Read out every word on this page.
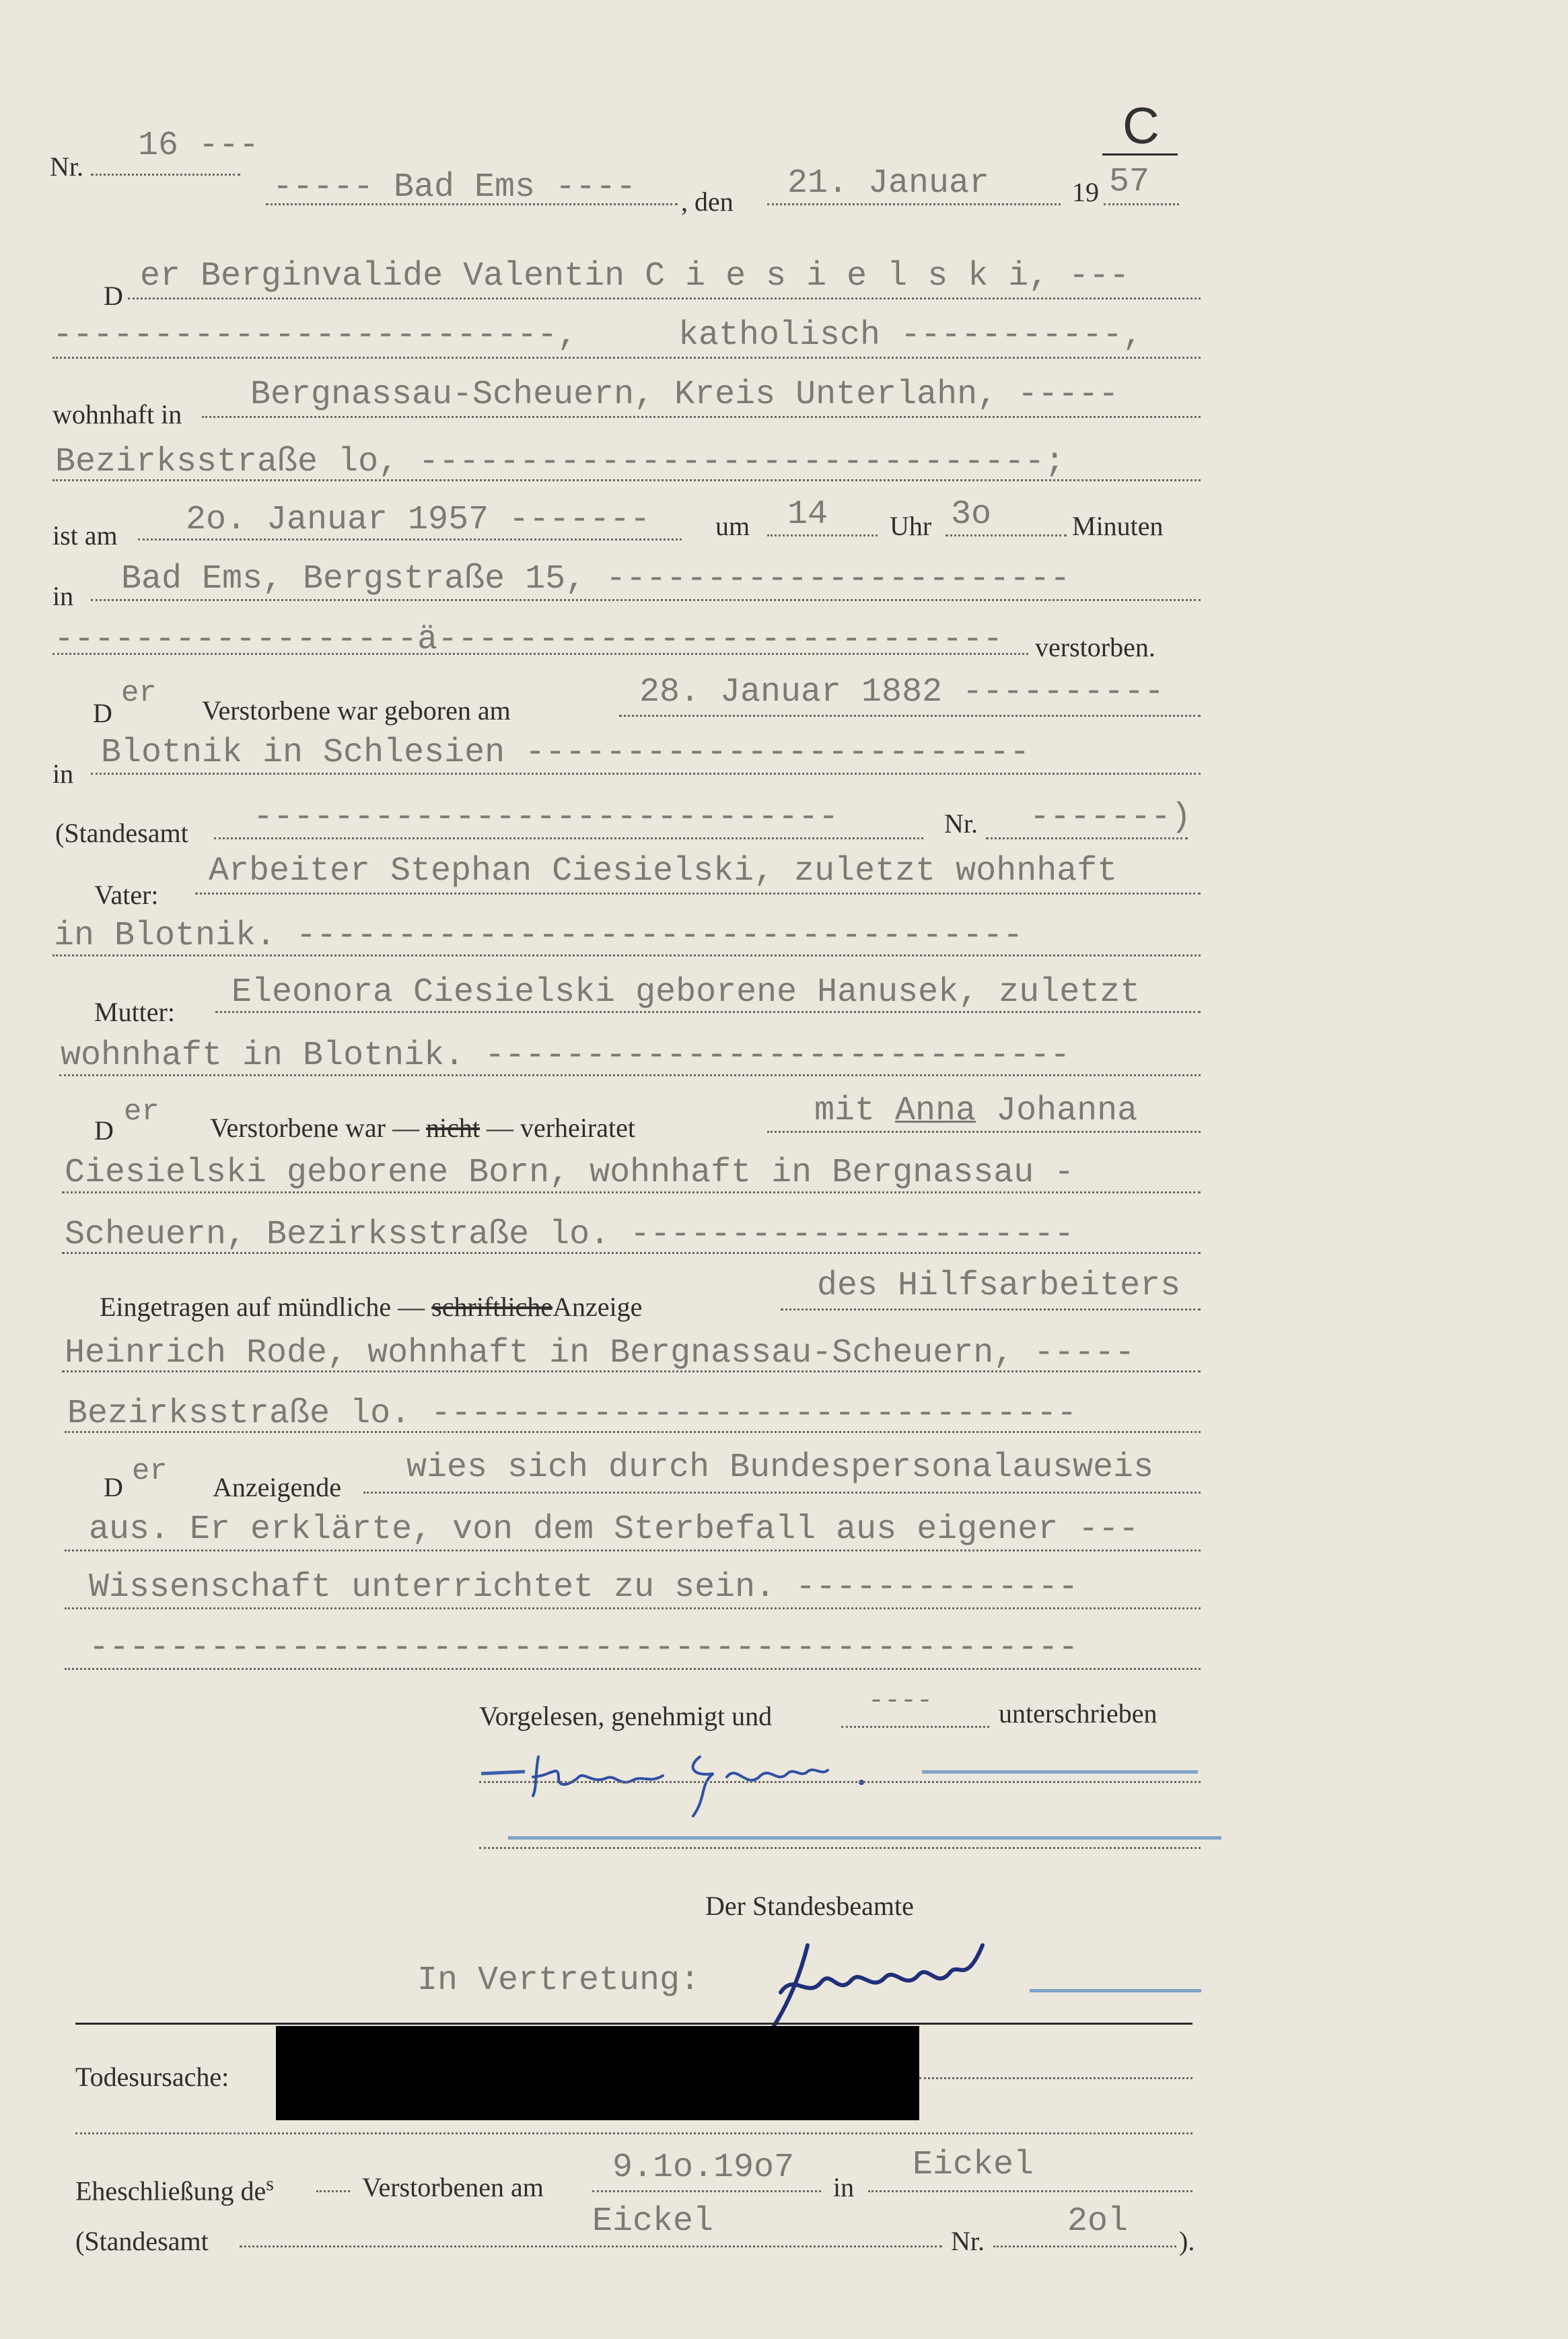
C
Nr.
16 ---
----- Bad Ems ---- , den 21. Januar	19 57
D
er Berginvalide Valentin C i e s i e l s k i, ---
-------------------------,	katholisch -----------,
wohnhaft in
Bergnassau-Scheuern, Kreis Unterlahn, -----
Bezirksstraße lo, -------------------------------;
ist am 2o. Januar 1957 ------- um 14 Uhr 3o	Minuten
in Bad Ems, Bergstraße 15, -----------------------
------------------ä---------------------------- verstorben.
D
er
Verstorbene war geboren am	28. Januar 1882 ----------
in
Blotnik in Schlesien -------------------------
(Standesamt -----------------------------	Nr. -------)
Vater:
Arbeiter Stephan Ciesielski, zuletzt wohnhaft
in Blotnik. ------------------------------------
Mutter:
Eleonora Ciesielski geborene Hanusek, zuletzt
wohnhaft in Blotnik. -----------------------------
D
er Verstorbene war — nicht — verheiratet	mit Anna Johanna
Ciesielski geborene Born, wohnhaft in Bergnassau -
Scheuern, Bezirksstraße lo. ----------------------
Eingetragen auf mündliche — schriftlicheAnzeige
des Hilfsarbeiters
Heinrich Rode, wohnhaft in Bergnassau-Scheuern, -----
Bezirksstraße lo. --------------------------------
D er Anzeigende
wies sich durch Bundespersonalausweis
aus. Er erklärte, von dem Sterbefall aus eigener ---
Wissenschaft unterrichtet zu sein. --------------
-------------------------------------------------
Vorgelesen, genehmigt und	---- unterschrieben
Der Standesbeamte
In Vertretung:
Todesursache:
Eheschließung $de^s$	Verstorbenen am
9.1o.19o7
in
Eickel
(Standesamt
Eickel
Nr.
2ol
).
